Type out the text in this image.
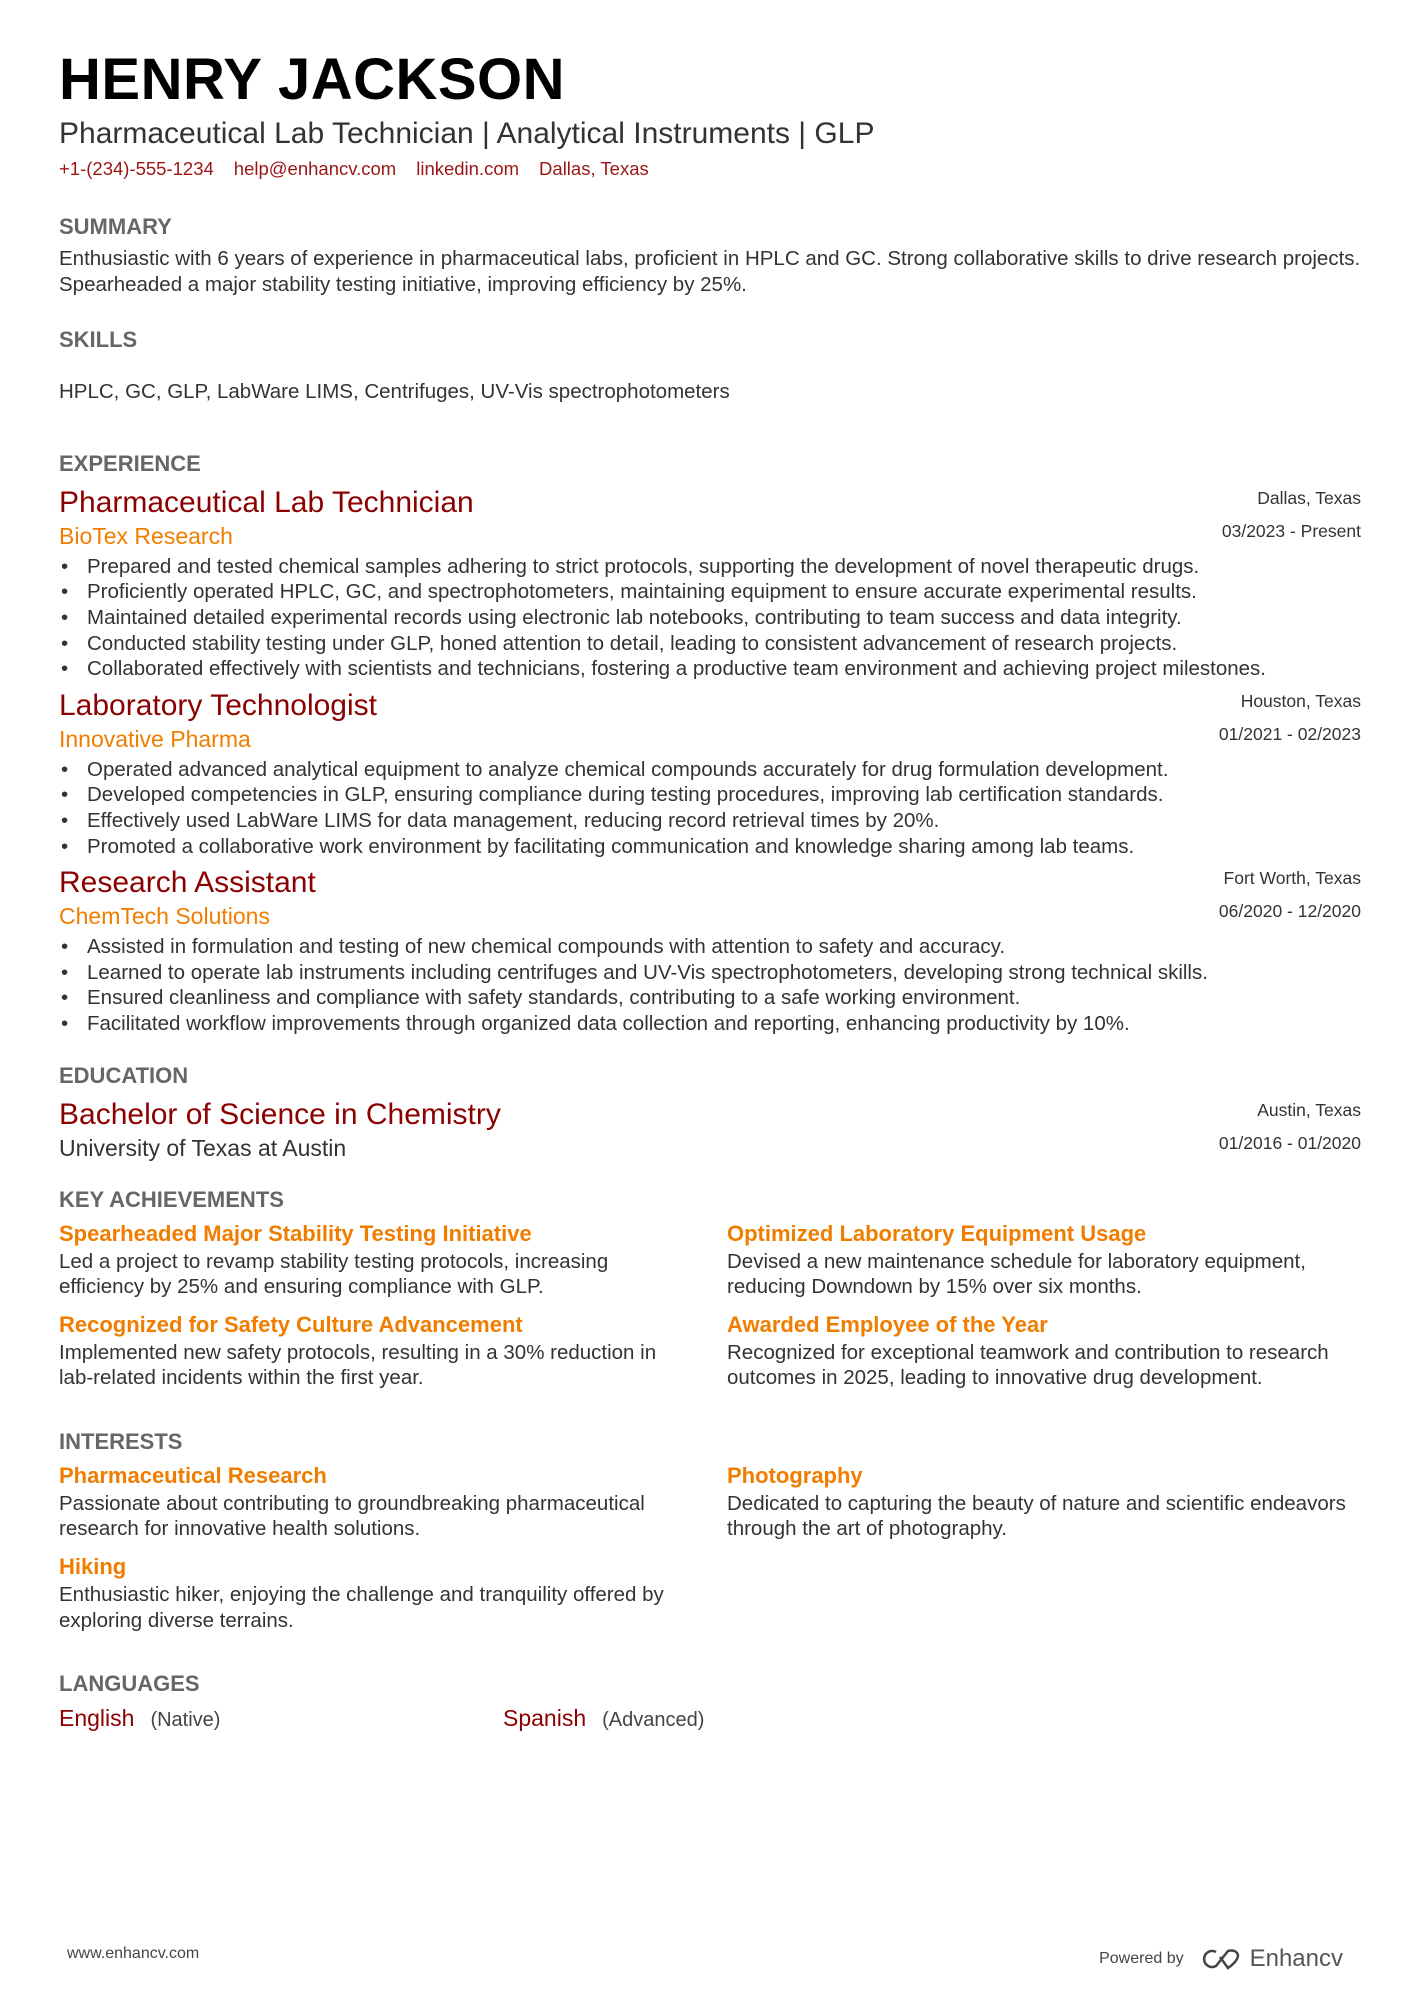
HENRY JACKSON
Pharmaceutical Lab Technician | Analytical Instruments | GLP
+1-(234)-555-1234 help@enhancv.com linkedin.com Dallas, Texas
SUMMARY
Enthusiastic with 6 years of experience in pharmaceutical labs, proficient in HPLC and GC. Strong collaborative skills to drive research projects. Spearheaded a major stability testing initiative, improving efficiency by 25%.
SKILLS
HPLC, GC, GLP, LabWare LIMS, Centrifuges, UV-Vis spectrophotometers
EXPERIENCE
Pharmaceutical Lab Technician
BioTex Research
Dallas, Texas
03/2023 - Present
• Prepared and tested chemical samples adhering to strict protocols, supporting the development of novel therapeutic drugs.
• Proficiently operated HPLC, GC, and spectrophotometers, maintaining equipment to ensure accurate experimental results.
• Maintained detailed experimental records using electronic lab notebooks, contributing to team success and data integrity.
• Conducted stability testing under GLP, honed attention to detail, leading to consistent advancement of research projects.
• Collaborated effectively with scientists and technicians, fostering a productive team environment and achieving project milestones.
Laboratory Technologist
Innovative Pharma
Houston, Texas
01/2021 - 02/2023
• Operated advanced analytical equipment to analyze chemical compounds accurately for drug formulation development.
• Developed competencies in GLP, ensuring compliance during testing procedures, improving lab certification standards.
• Effectively used LabWare LIMS for data management, reducing record retrieval times by 20%.
• Promoted a collaborative work environment by facilitating communication and knowledge sharing among lab teams.
Research Assistant
ChemTech Solutions
Fort Worth, Texas
06/2020 - 12/2020
• Assisted in formulation and testing of new chemical compounds with attention to safety and accuracy.
• Learned to operate lab instruments including centrifuges and UV-Vis spectrophotometers, developing strong technical skills.
• Ensured cleanliness and compliance with safety standards, contributing to a safe working environment.
• Facilitated workflow improvements through organized data collection and reporting, enhancing productivity by 10%.
EDUCATION
Bachelor of Science in Chemistry
University of Texas at Austin
Austin, Texas
01/2016 - 01/2020
KEY ACHIEVEMENTS
Spearheaded Major Stability Testing Initiative
Led a project to revamp stability testing protocols, increasing efficiency by 25% and ensuring compliance with GLP.
Optimized Laboratory Equipment Usage
Devised a new maintenance schedule for laboratory equipment, reducing Downdown by 15% over six months.
Recognized for Safety Culture Advancement
Implemented new safety protocols, resulting in a 30% reduction in lab-related incidents within the first year.
Awarded Employee of the Year
Recognized for exceptional teamwork and contribution to research outcomes in 2025, leading to innovative drug development.
INTERESTS
Pharmaceutical Research
Passionate about contributing to groundbreaking pharmaceutical research for innovative health solutions.
Photography
Dedicated to capturing the beauty of nature and scientific endeavors through the art of photography.
Hiking
Enthusiastic hiker, enjoying the challenge and tranquility offered by exploring diverse terrains.
LANGUAGES
English (Native)	Spanish (Advanced)
www.enhancv.com	Powered by	Enhancv
